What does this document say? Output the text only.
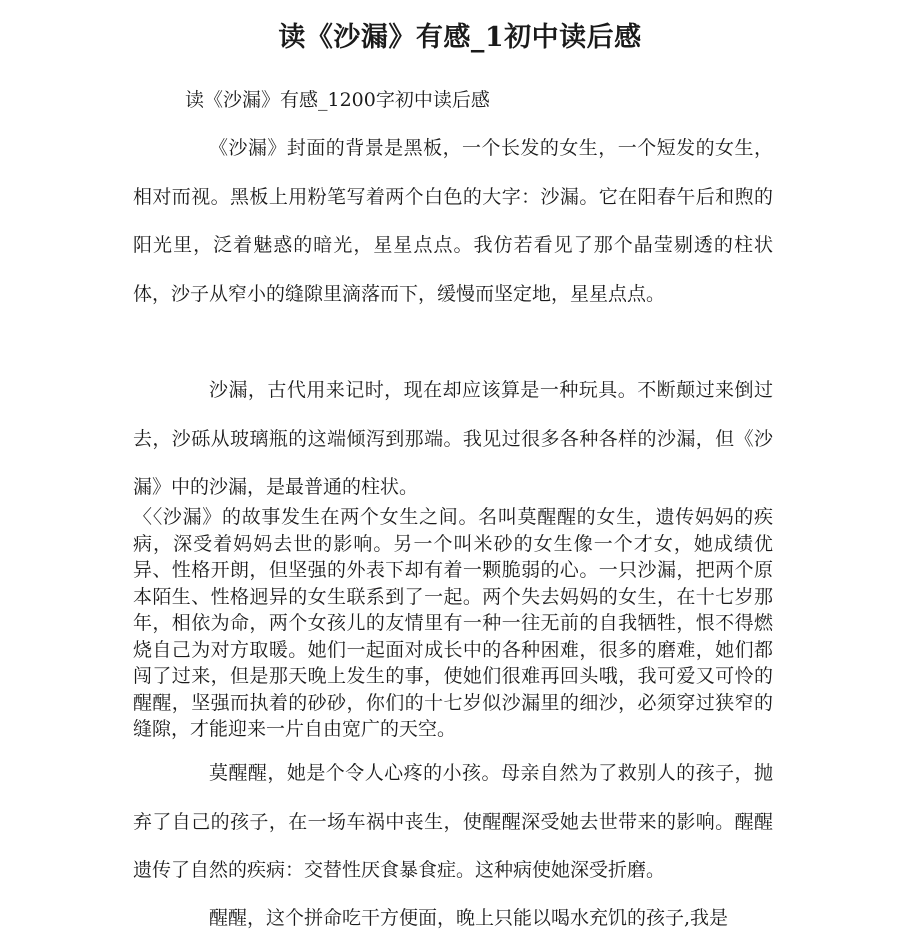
读《沙漏》有感_1初中读后感
读《沙漏》有感_1200字初中读后感

《沙漏》封面的背景是黑板，一个长发的女生，一个短发的女生，相对而视。黑板上用粉笔写着两个白色的大字：沙漏。它在阳春午后和煦的阳光里，泛着魅惑的暗光，星星点点。我仿若看见了那个晶莹剔透的柱状体，沙子从窄小的缝隙里滴落而下，缓慢而坚定地，星星点点。

沙漏，古代用来记时，现在却应该算是一种玩具。不断颠过来倒过去，沙砾从玻璃瓶的这端倾泻到那端。我见过很多各种各样的沙漏，但《沙漏》中的沙漏，是最普通的柱状。

〈〈沙漏》的故事发生在两个女生之间。名叫莫醒醒的女生，遗传妈妈的疾病，深受着妈妈去世的影响。另一个叫米砂的女生像一个才女，她成绩优异、性格开朗，但坚强的外表下却有着一颗脆弱的心。一只沙漏，把两个原本陌生、性格迥异的女生联系到了一起。两个失去妈妈的女生，在十七岁那年，相依为命，两个女孩儿的友情里有一种一往无前的自我牺牲，恨不得燃烧自己为对方取暖。她们一起面对成长中的各种困难，很多的磨难，她们都闯了过来，但是那天晚上发生的事，使她们很难再回头哦，我可爱又可怜的醒醒，坚强而执着的砂砂，你们的十七岁似沙漏里的细沙，必须穿过狭窄的缝隙，才能迎来一片自由宽广的天空。

莫醒醒，她是个令人心疼的小孩。母亲自然为了救别人的孩子，抛弃了自己的孩子，在一场车祸中丧生，使醒醒深受她去世带来的影响。醒醒遗传了自然的疾病：交替性厌食暴食症。这种病使她深受折磨。

醒醒，这个拼命吃干方便面，晚上只能以喝水充饥的孩子,我是
